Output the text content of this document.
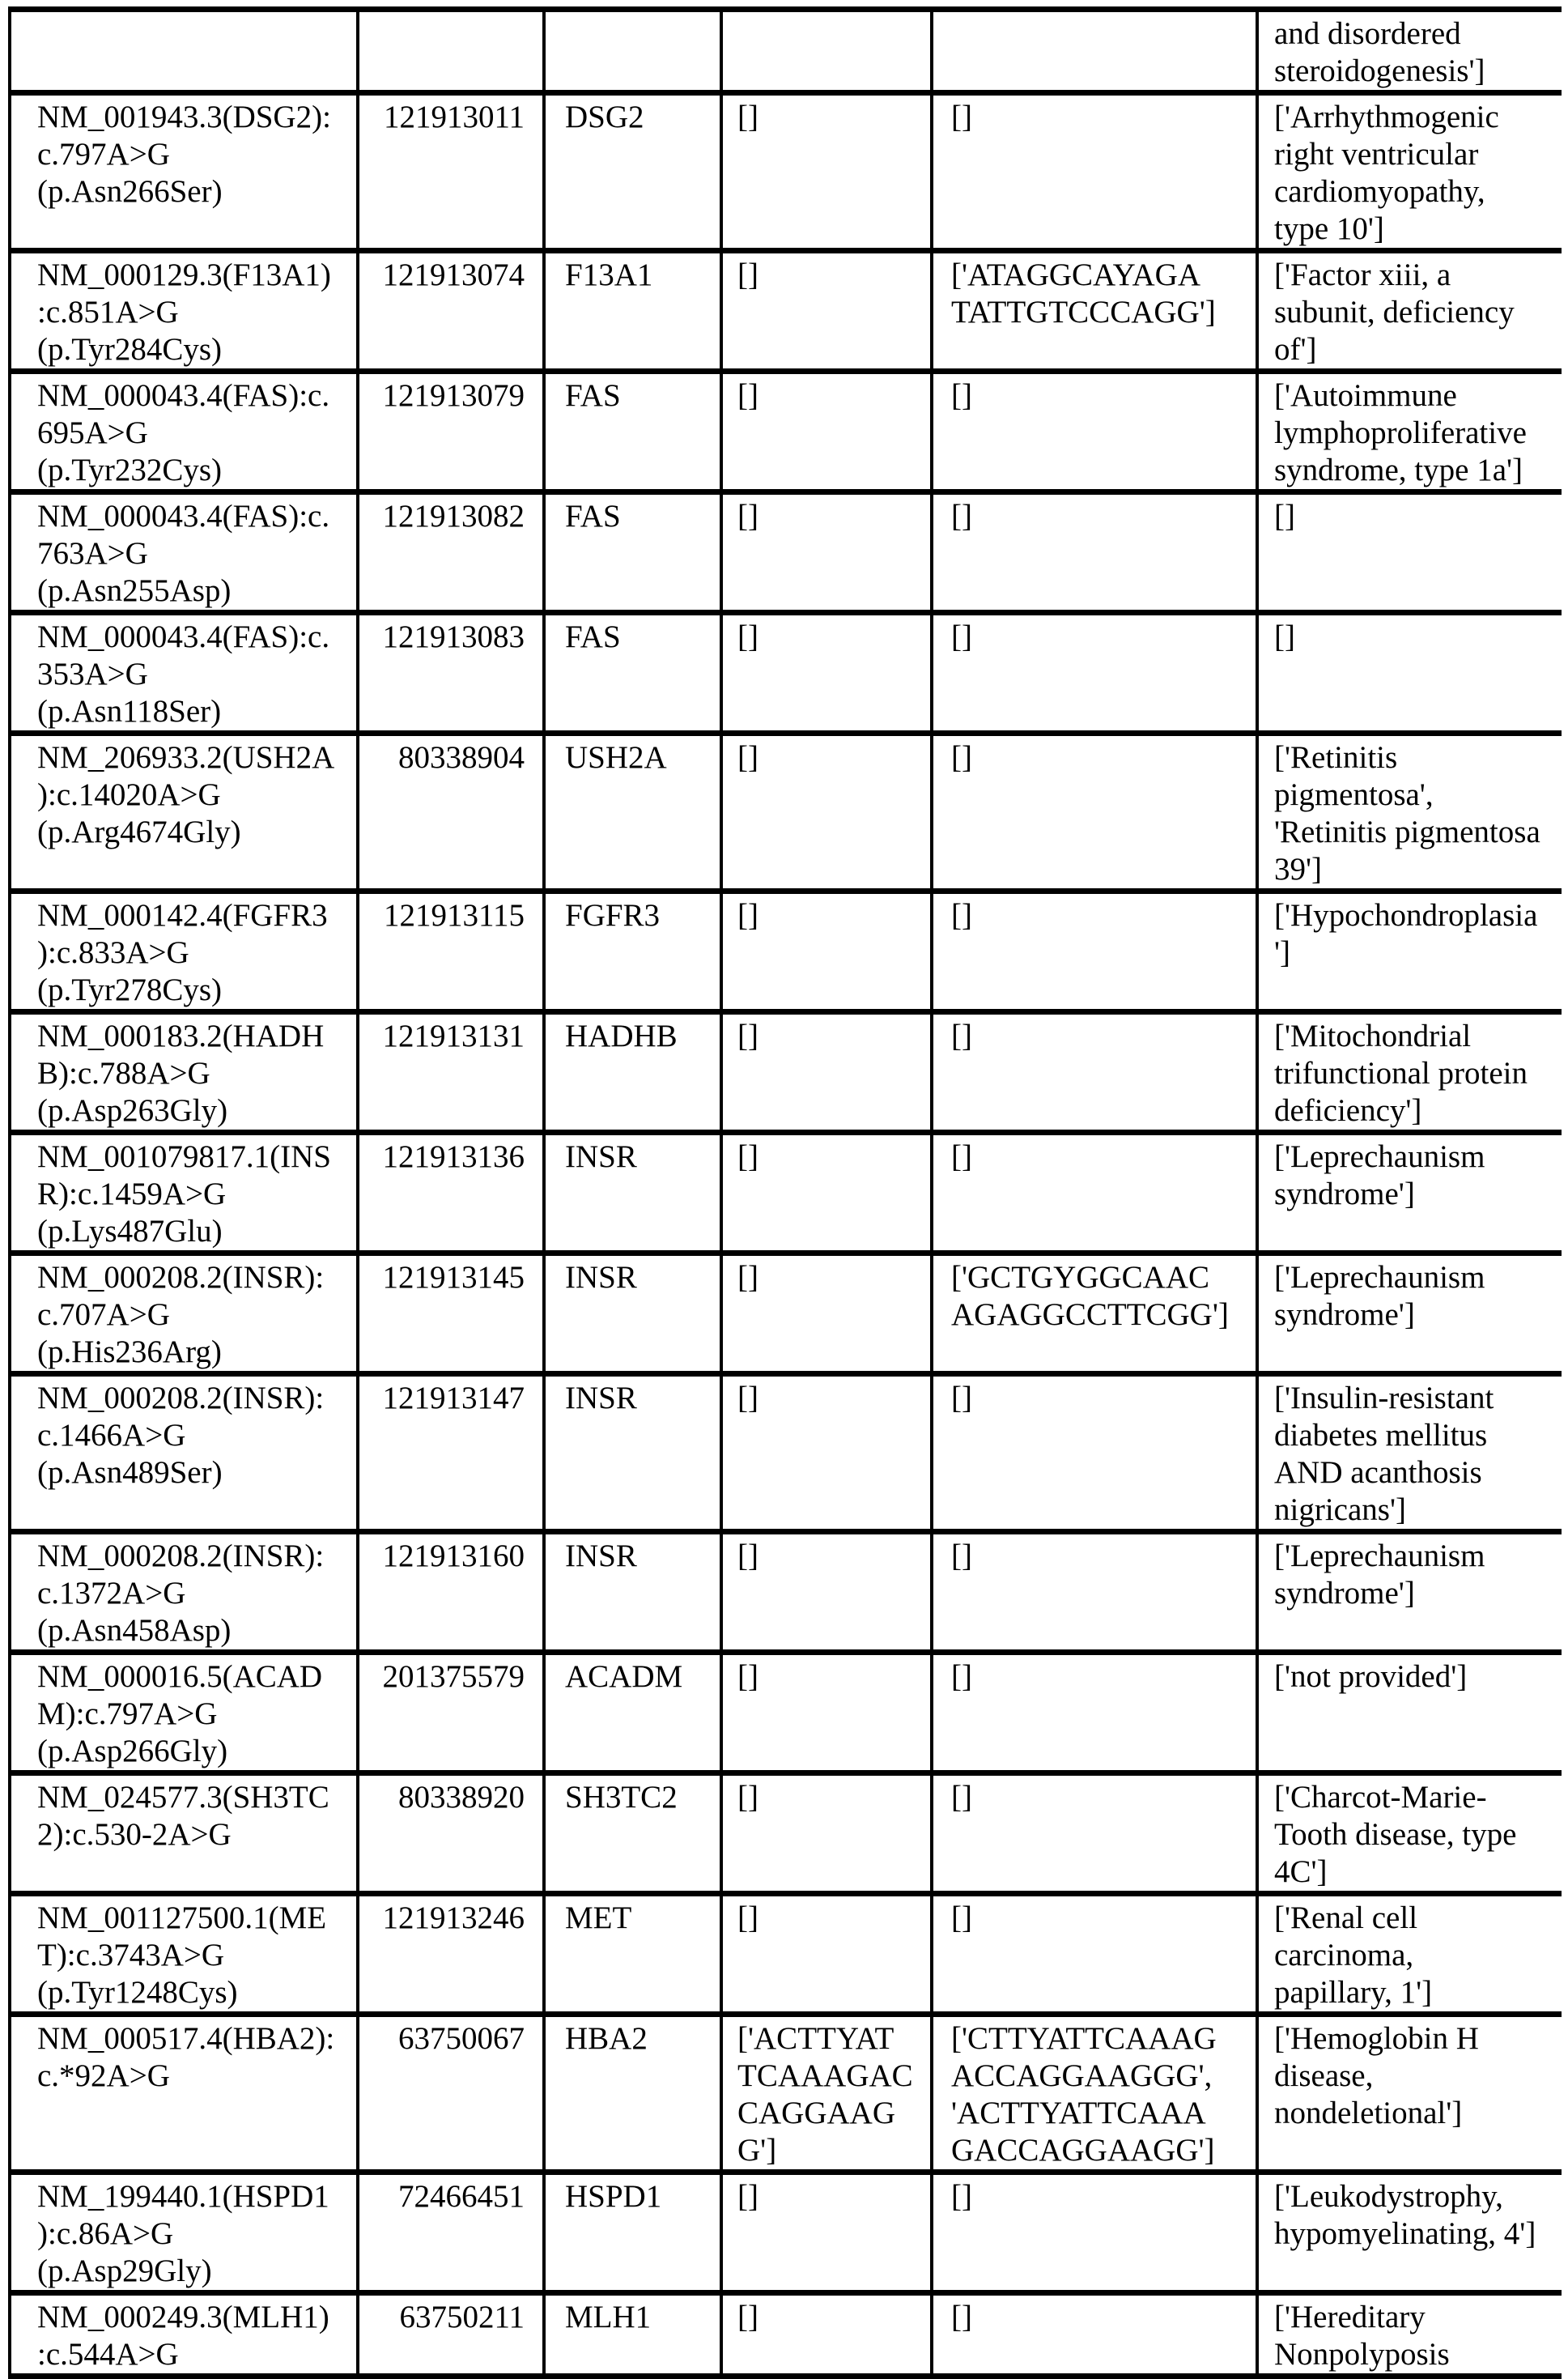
					and disordered
steroidogenesis']
NM_001943.3(DSG2):
c.797A>G
(p.Asn266Ser)	121913011	DSG2	[]	[]	['Arrhythmogenic
right ventricular
cardiomyopathy,
type 10']
NM_000129.3(F13A1)
:c.851A>G
(p.Tyr284Cys)	121913074	F13A1	[]	['ATAGGCAYAGA
TATTGTCCCAGG']	['Factor xiii, a
subunit, deficiency
of']
NM_000043.4(FAS):c.
695A>G
(p.Tyr232Cys)	121913079	FAS	[]	[]	['Autoimmune
lymphoproliferative
syndrome, type 1a']
NM_000043.4(FAS):c.
763A>G
(p.Asn255Asp)	121913082	FAS	[]	[]	[]
NM_000043.4(FAS):c.
353A>G
(p.Asn118Ser)	121913083	FAS	[]	[]	[]
NM_206933.2(USH2A
):c.14020A>G
(p.Arg4674Gly)	80338904	USH2A	[]	[]	['Retinitis
pigmentosa',
'Retinitis pigmentosa
39']
NM_000142.4(FGFR3
):c.833A>G
(p.Tyr278Cys)	121913115	FGFR3	[]	[]	['Hypochondroplasia
']
NM_000183.2(HADH
B):c.788A>G
(p.Asp263Gly)	121913131	HADHB	[]	[]	['Mitochondrial
trifunctional protein
deficiency']
NM_001079817.1(INS
R):c.1459A>G
(p.Lys487Glu)	121913136	INSR	[]	[]	['Leprechaunism
syndrome']
NM_000208.2(INSR):
c.707A>G
(p.His236Arg)	121913145	INSR	[]	['GCTGYGGCAAC
AGAGGCCTTCGG']	['Leprechaunism
syndrome']
NM_000208.2(INSR):
c.1466A>G
(p.Asn489Ser)	121913147	INSR	[]	[]	['Insulin-resistant
diabetes mellitus
AND acanthosis
nigricans']
NM_000208.2(INSR):
c.1372A>G
(p.Asn458Asp)	121913160	INSR	[]	[]	['Leprechaunism
syndrome']
NM_000016.5(ACAD
M):c.797A>G
(p.Asp266Gly)	201375579	ACADM	[]	[]	['not provided']
NM_024577.3(SH3TC
2):c.530-2A>G	80338920	SH3TC2	[]	[]	['Charcot-Marie-
Tooth disease, type
4C']
NM_001127500.1(ME
T):c.3743A>G
(p.Tyr1248Cys)	121913246	MET	[]	[]	['Renal cell
carcinoma,
papillary, 1']
NM_000517.4(HBA2):
c.*92A>G	63750067	HBA2	['ACTTYAT
TCAAAGAC
CAGGAAG
G']	['CTTYATTCAAAG
ACCAGGAAGGG',
'ACTTYATTCAAA
GACCAGGAAGG']	['Hemoglobin H
disease,
nondeletional']
NM_199440.1(HSPD1
):c.86A>G
(p.Asp29Gly)	72466451	HSPD1	[]	[]	['Leukodystrophy,
hypomyelinating, 4']
NM_000249.3(MLH1)
:c.544A>G	63750211	MLH1	[]	[]	['Hereditary
Nonpolyposis
